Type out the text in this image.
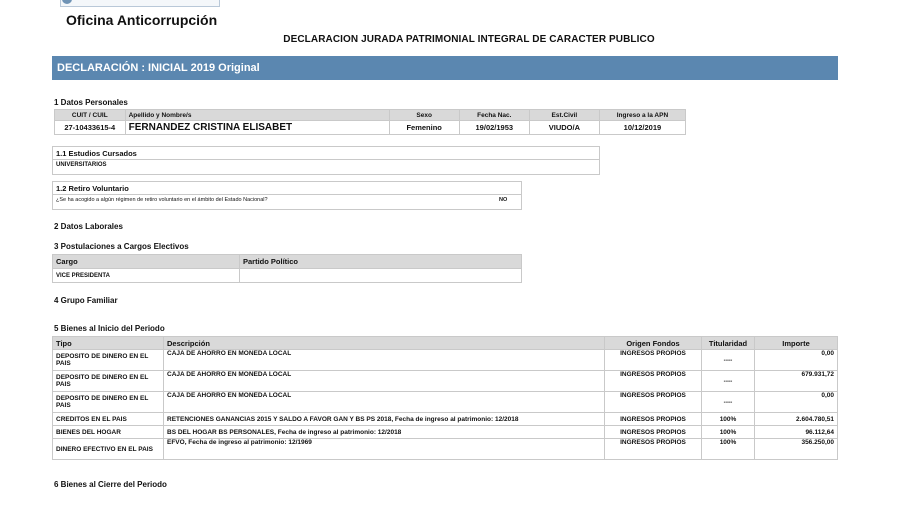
Oficina Anticorrupción
DECLARACION JURADA PATRIMONIAL INTEGRAL DE CARACTER PUBLICO
DECLARACIÓN : INICIAL 2019 Original
1 Datos Personales
CUIT / CUIL	Apellido y Nombre/s	Sexo	Fecha Nac.	Est.Civil	Ingreso a la APN
27-10433615-4	FERNANDEZ CRISTINA ELISABET	Femenino	19/02/1953	VIUDO/A	10/12/2019
1.1 Estudios Cursados
UNIVERSITARIOS
1.2 Retiro Voluntario
¿Se ha acogido a algún régimen de retiro voluntario en el ámbito del Estado Nacional?	NO
2 Datos Laborales
3 Postulaciones a Cargos Electivos
Cargo	Partido Político
VICE PRESIDENTA	
4 Grupo Familiar
5 Bienes al Inicio del Periodo
Tipo	Descripción	Origen Fondos	Titularidad	Importe
DEPOSITO DE DINERO EN EL PAIS	CAJA DE AHORRO EN MONEDA LOCAL	INGRESOS PROPIOS	----	0,00
DEPOSITO DE DINERO EN EL PAIS	CAJA DE AHORRO EN MONEDA LOCAL	INGRESOS PROPIOS	----	679.931,72
DEPOSITO DE DINERO EN EL PAIS	CAJA DE AHORRO EN MONEDA LOCAL	INGRESOS PROPIOS	----	0,00
CREDITOS EN EL PAIS	RETENCIONES GANANCIAS 2015 Y SALDO A FAVOR GAN Y BS PS 2018, Fecha de ingreso al patrimonio: 12/2018	INGRESOS PROPIOS	100%	2.604.780,51
BIENES DEL HOGAR	BS DEL HOGAR BS PERSONALES, Fecha de ingreso al patrimonio: 12/2018	INGRESOS PROPIOS	100%	96.112,64
DINERO EFECTIVO EN EL PAIS	EFVO, Fecha de ingreso al patrimonio: 12/1969	INGRESOS PROPIOS	100%	356.250,00
6 Bienes al Cierre del Periodo
